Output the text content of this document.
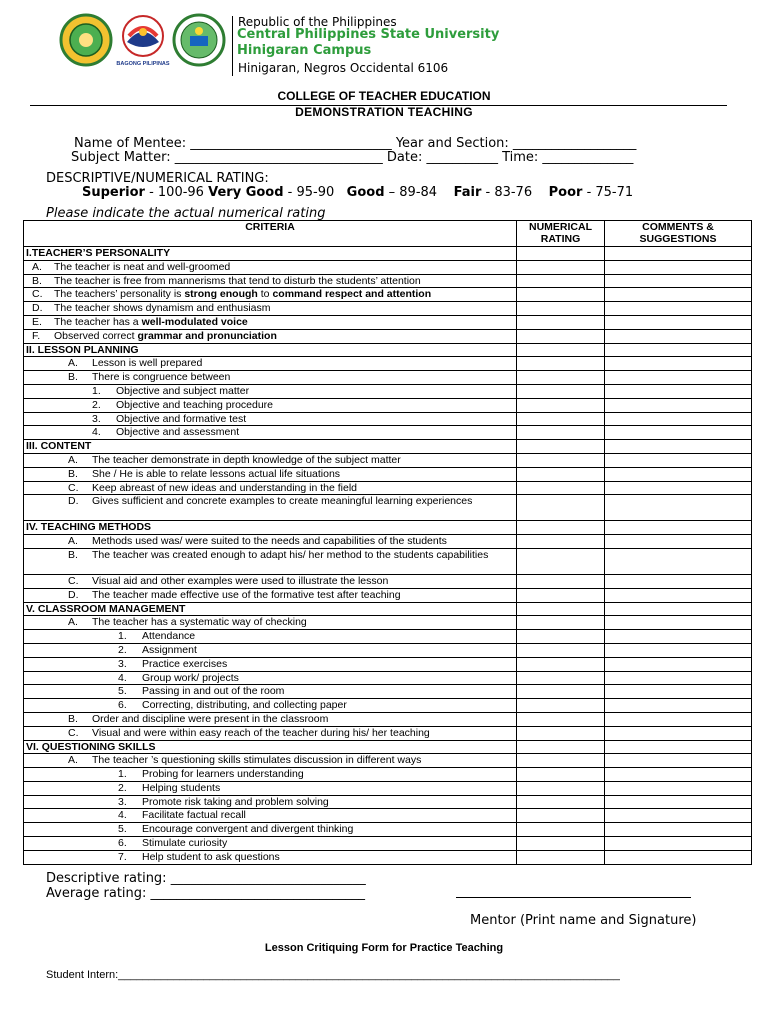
BAGONG PILIPINAS
Republic of the Philippines
Central Philippines State University
Hinigaran Campus
Hinigaran, Negros Occidental 6106
COLLEGE OF TEACHER EDUCATION
DEMONSTRATION TEACHING
Name of Mentee: _______________________________ Year and Section: ___________________
Subject Matter: ________________________________ Date: ___________ Time: ______________
DESCRIPTIVE/NUMERICAL RATING:
Superior - 100-96 Very Good - 95-90 Good – 89-84 Fair - 83-76 Poor - 75-71
Please indicate the actual numerical rating
CRITERIA	NUMERICAL RATING	COMMENTS & SUGGESTIONS
I.TEACHER’S PERSONALITY		

A. The teacher is neat and well-groomed		

B. The teacher is free from mannerisms that tend to disturb the students’ attention		

C. The teachers’ personality is strong enough to command respect and attention		

D. The teacher shows dynamism and enthusiasm		

E. The teacher has a well-modulated voice		

F. Observed correct grammar and pronunciation		

II. LESSON PLANNING		

A. Lesson is well prepared		

B. There is congruence between		

1. Objective and subject matter		

2. Objective and teaching procedure		

3. Objective and formative test		

4. Objective and assessment		

III. CONTENT		

A. The teacher demonstrate in depth knowledge of the subject matter		

B. She / He is able to relate lessons actual life situations		

C. Keep abreast of new ideas and understanding in the field		

D. Gives sufficient and concrete examples to create meaningful learning experiences		

IV. TEACHING METHODS		

A. Methods used was/ were suited to the needs and capabilities of the students		

B. The teacher was created enough to adapt his/ her method to the students capabilities		

C. Visual aid and other examples were used to illustrate the lesson		

D. The teacher made effective use of the formative test after teaching		

V. CLASSROOM MANAGEMENT		

A. The teacher has a systematic way of checking		

1. Attendance		

2. Assignment		

3. Practice exercises		

4. Group work/ projects		

5. Passing in and out of the room		

6. Correcting, distributing, and collecting paper		

B. Order and discipline were present in the classroom		

C. Visual and were within easy reach of the teacher during his/ her teaching		

VI. QUESTIONING SKILLS		

A. The teacher ’s questioning skills stimulates discussion in different ways		

1. Probing for learners understanding		

2. Helping students		

3. Promote risk taking and problem solving		

4. Facilitate factual recall		

5. Encourage convergent and divergent thinking		

6. Stimulate curiosity		

7. Help student to ask questions		

Descriptive rating: ______________________________
Average rating: _________________________________
Mentor (Print name and Signature)
Lesson Critiquing Form for Practice Teaching
Student Intern:__________________________________________________________________________________
